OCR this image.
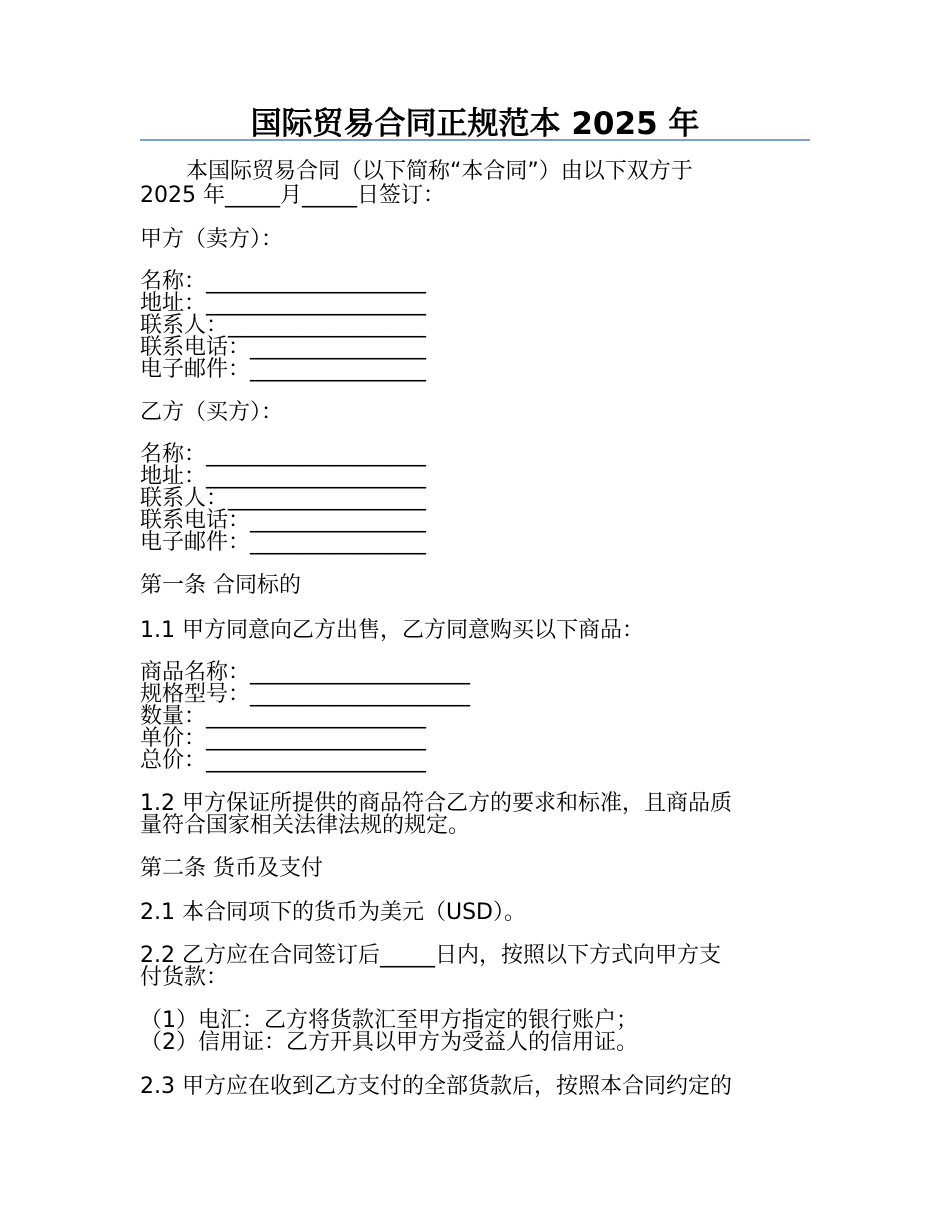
国际贸易合同正规范本 2025 年
本国际贸易合同（以下简称“本合同”）由以下双方于
2025 年_____月_____日签订：
甲方（卖方）：
名称：____________________
地址：____________________
联系人：__________________
联系电话：________________
电子邮件：________________
乙方（买方）：
名称：____________________
地址：____________________
联系人：__________________
联系电话：________________
电子邮件：________________
第一条 合同标的
1.1 甲方同意向乙方出售，乙方同意购买以下商品：
商品名称：____________________
规格型号：____________________
数量：____________________
单价：____________________
总价：____________________
1.2 甲方保证所提供的商品符合乙方的要求和标准，且商品质
量符合国家相关法律法规的规定。
第二条 货币及支付
2.1 本合同项下的货币为美元（USD）。
2.2 乙方应在合同签订后_____日内，按照以下方式向甲方支
付货款：
（1）电汇：乙方将货款汇至甲方指定的银行账户；
（2）信用证：乙方开具以甲方为受益人的信用证。
2.3 甲方应在收到乙方支付的全部货款后，按照本合同约定的
